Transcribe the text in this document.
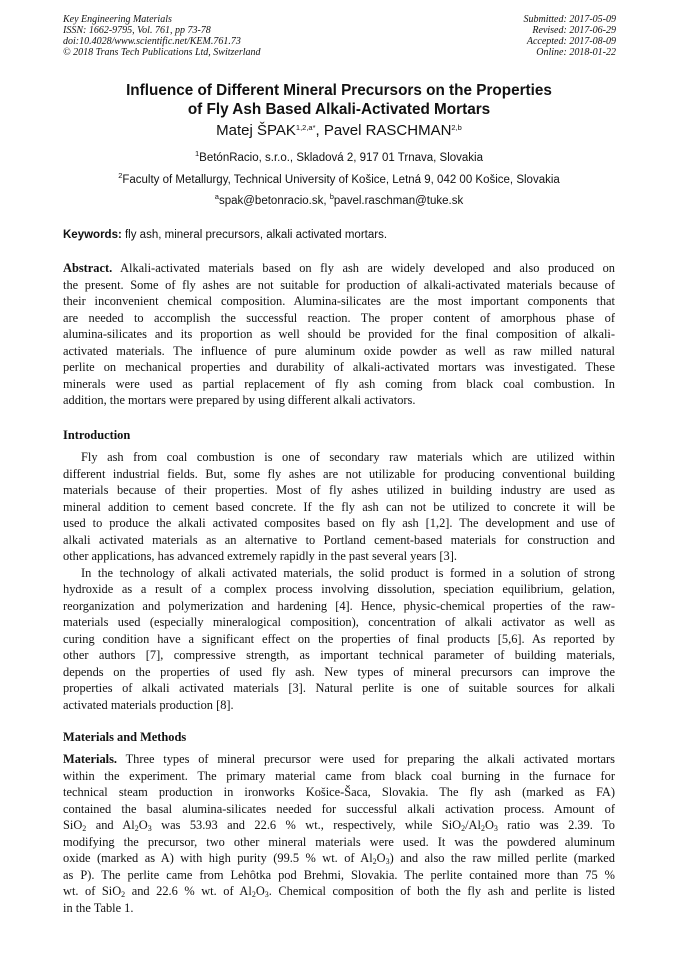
Key Engineering Materials
ISSN: 1662-9795, Vol. 761, pp 73-78
doi:10.4028/www.scientific.net/KEM.761.73
© 2018 Trans Tech Publications Ltd, Switzerland
Submitted: 2017-05-09
Revised: 2017-06-29
Accepted: 2017-08-09
Online: 2018-01-22
Influence of Different Mineral Precursors on the Properties
of Fly Ash Based Alkali-Activated Mortars
Matej $ŠPAK^{1,2,a*}$, Pavel RASCHMAN$^{2,b}$
$^1$BetónRacio, s.r.o., Skladová 2, 917 01 Trnava, Slovakia
$^2$Faculty of Metallurgy, Technical University of Košice, Letná 9, 042 00 Košice, Slovakia
$^a$spak@betonracio.sk, $^b$pavel.raschman@tuke.sk
Keywords: fly ash, mineral precursors, alkali activated mortars.
Abstract. Alkali-activated materials based on fly ash are widely developed and also produced on
the present. Some of fly ashes are not suitable for production of alkali-activated materials because of
their inconvenient chemical composition. Alumina-silicates are the most important components that
are needed to accomplish the successful reaction. The proper content of amorphous phase of
alumina-silicates and its proportion as well should be provided for the final composition of alkali-
activated materials. The influence of pure aluminum oxide powder as well as raw milled natural
perlite on mechanical properties and durability of alkali-activated mortars was investigated. These
minerals were used as partial replacement of fly ash coming from black coal combustion. In
addition, the mortars were prepared by using different alkali activators.
Introduction
Fly ash from coal combustion is one of secondary raw materials which are utilized within
different industrial fields. But, some fly ashes are not utilizable for producing conventional building
materials because of their properties. Most of fly ashes utilized in building industry are used as
mineral addition to cement based concrete. If the fly ash can not be utilized to concrete it will be
used to produce the alkali activated composites based on fly ash [1,2]. The development and use of
alkali activated materials as an alternative to Portland cement-based materials for construction and
other applications, has advanced extremely rapidly in the past several years [3].
In the technology of alkali activated materials, the solid product is formed in a solution of strong
hydroxide as a result of a complex process involving dissolution, speciation equilibrium, gelation,
reorganization and polymerization and hardening [4]. Hence, physic-chemical properties of the raw-
materials used (especially mineralogical composition), concentration of alkali activator as well as
curing condition have a significant effect on the properties of final products [5,6]. As reported by
other authors [7], compressive strength, as important technical parameter of building materials,
depends on the properties of used fly ash. New types of mineral precursors can improve the
properties of alkali activated materials [3]. Natural perlite is one of suitable sources for alkali
activated materials production [8].
Materials and Methods
Materials. Three types of mineral precursor were used for preparing the alkali activated mortars
within the experiment. The primary material came from black coal burning in the furnace for
technical steam production in ironworks Košice-Šaca, Slovakia. The fly ash (marked as FA)
contained the basal alumina-silicates needed for successful alkali activation process. Amount of
SiO$_2$ and $Al_2O_3$ was 53.93 and 22.6 % wt., respectively, while $SiO_2/Al_2O_3$ ratio was 2.39. To
modifying the precursor, two other mineral materials were used. It was the powdered aluminum
oxide (marked as A) with high purity (99.5 % wt. of $Al_2O_3$) and also the raw milled perlite (marked
as P). The perlite came from Lehôtka pod Brehmi, Slovakia. The perlite contained more than 75 %
wt. of SiO$_2$ and 22.6 % wt. of $Al_2O_3$. Chemical composition of both the fly ash and perlite is listed
in the Table 1.
